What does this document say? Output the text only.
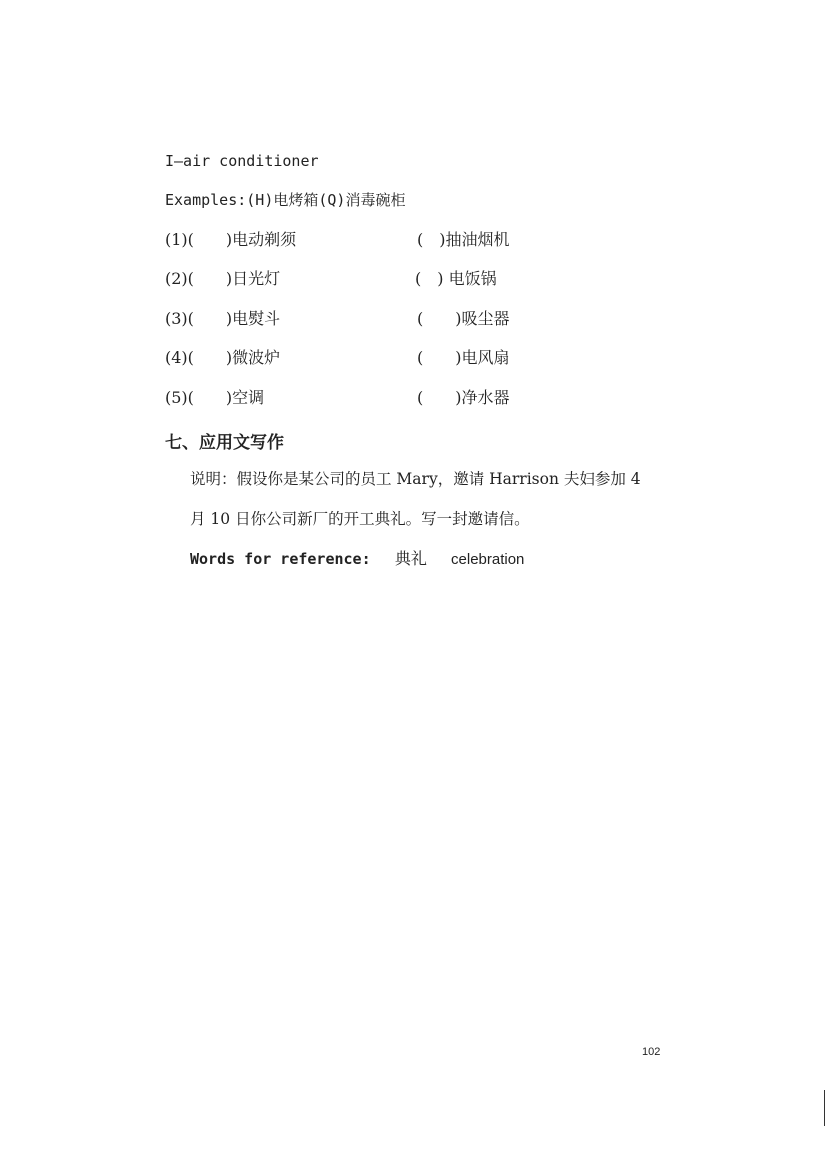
I—air conditioner
Examples:(H)电烤箱(Q)消毒碗柜
(1)(　　)电动剃须	(　)抽油烟机
(2)(　　)日光灯	(　) 电饭锅
(3)(　　)电熨斗	(　　)吸尘器
(4)(　　)微波炉	(　　)电风扇
(5)(　　)空调	(　　)净水器
七、应用文写作
说明：假设你是某公司的员工 Mary，邀请 Harrison 夫妇参加 4
月 10 日你公司新厂的开工典礼。写一封邀请信。
Words for reference: 典礼 celebration
102
